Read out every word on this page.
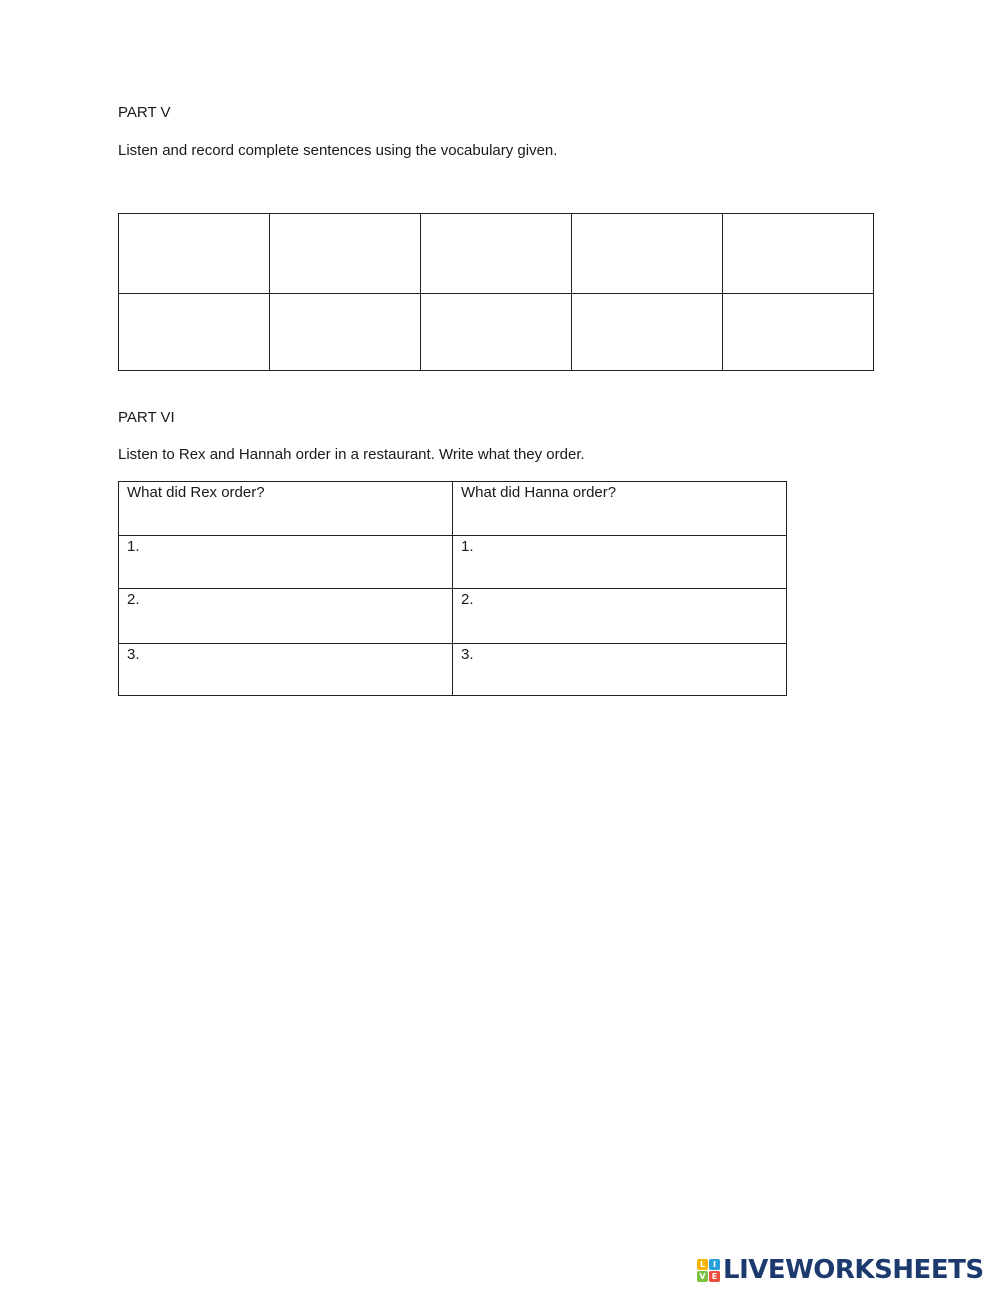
PART V
Listen and record complete sentences using the vocabulary given.

PART VI
Listen to Rex and Hannah order in a restaurant. Write what they order.
What did Rex order?	What did Hanna order?
1.	1.
2.	2.
3.	3.
L I
V E LIVEWORKSHEETS
